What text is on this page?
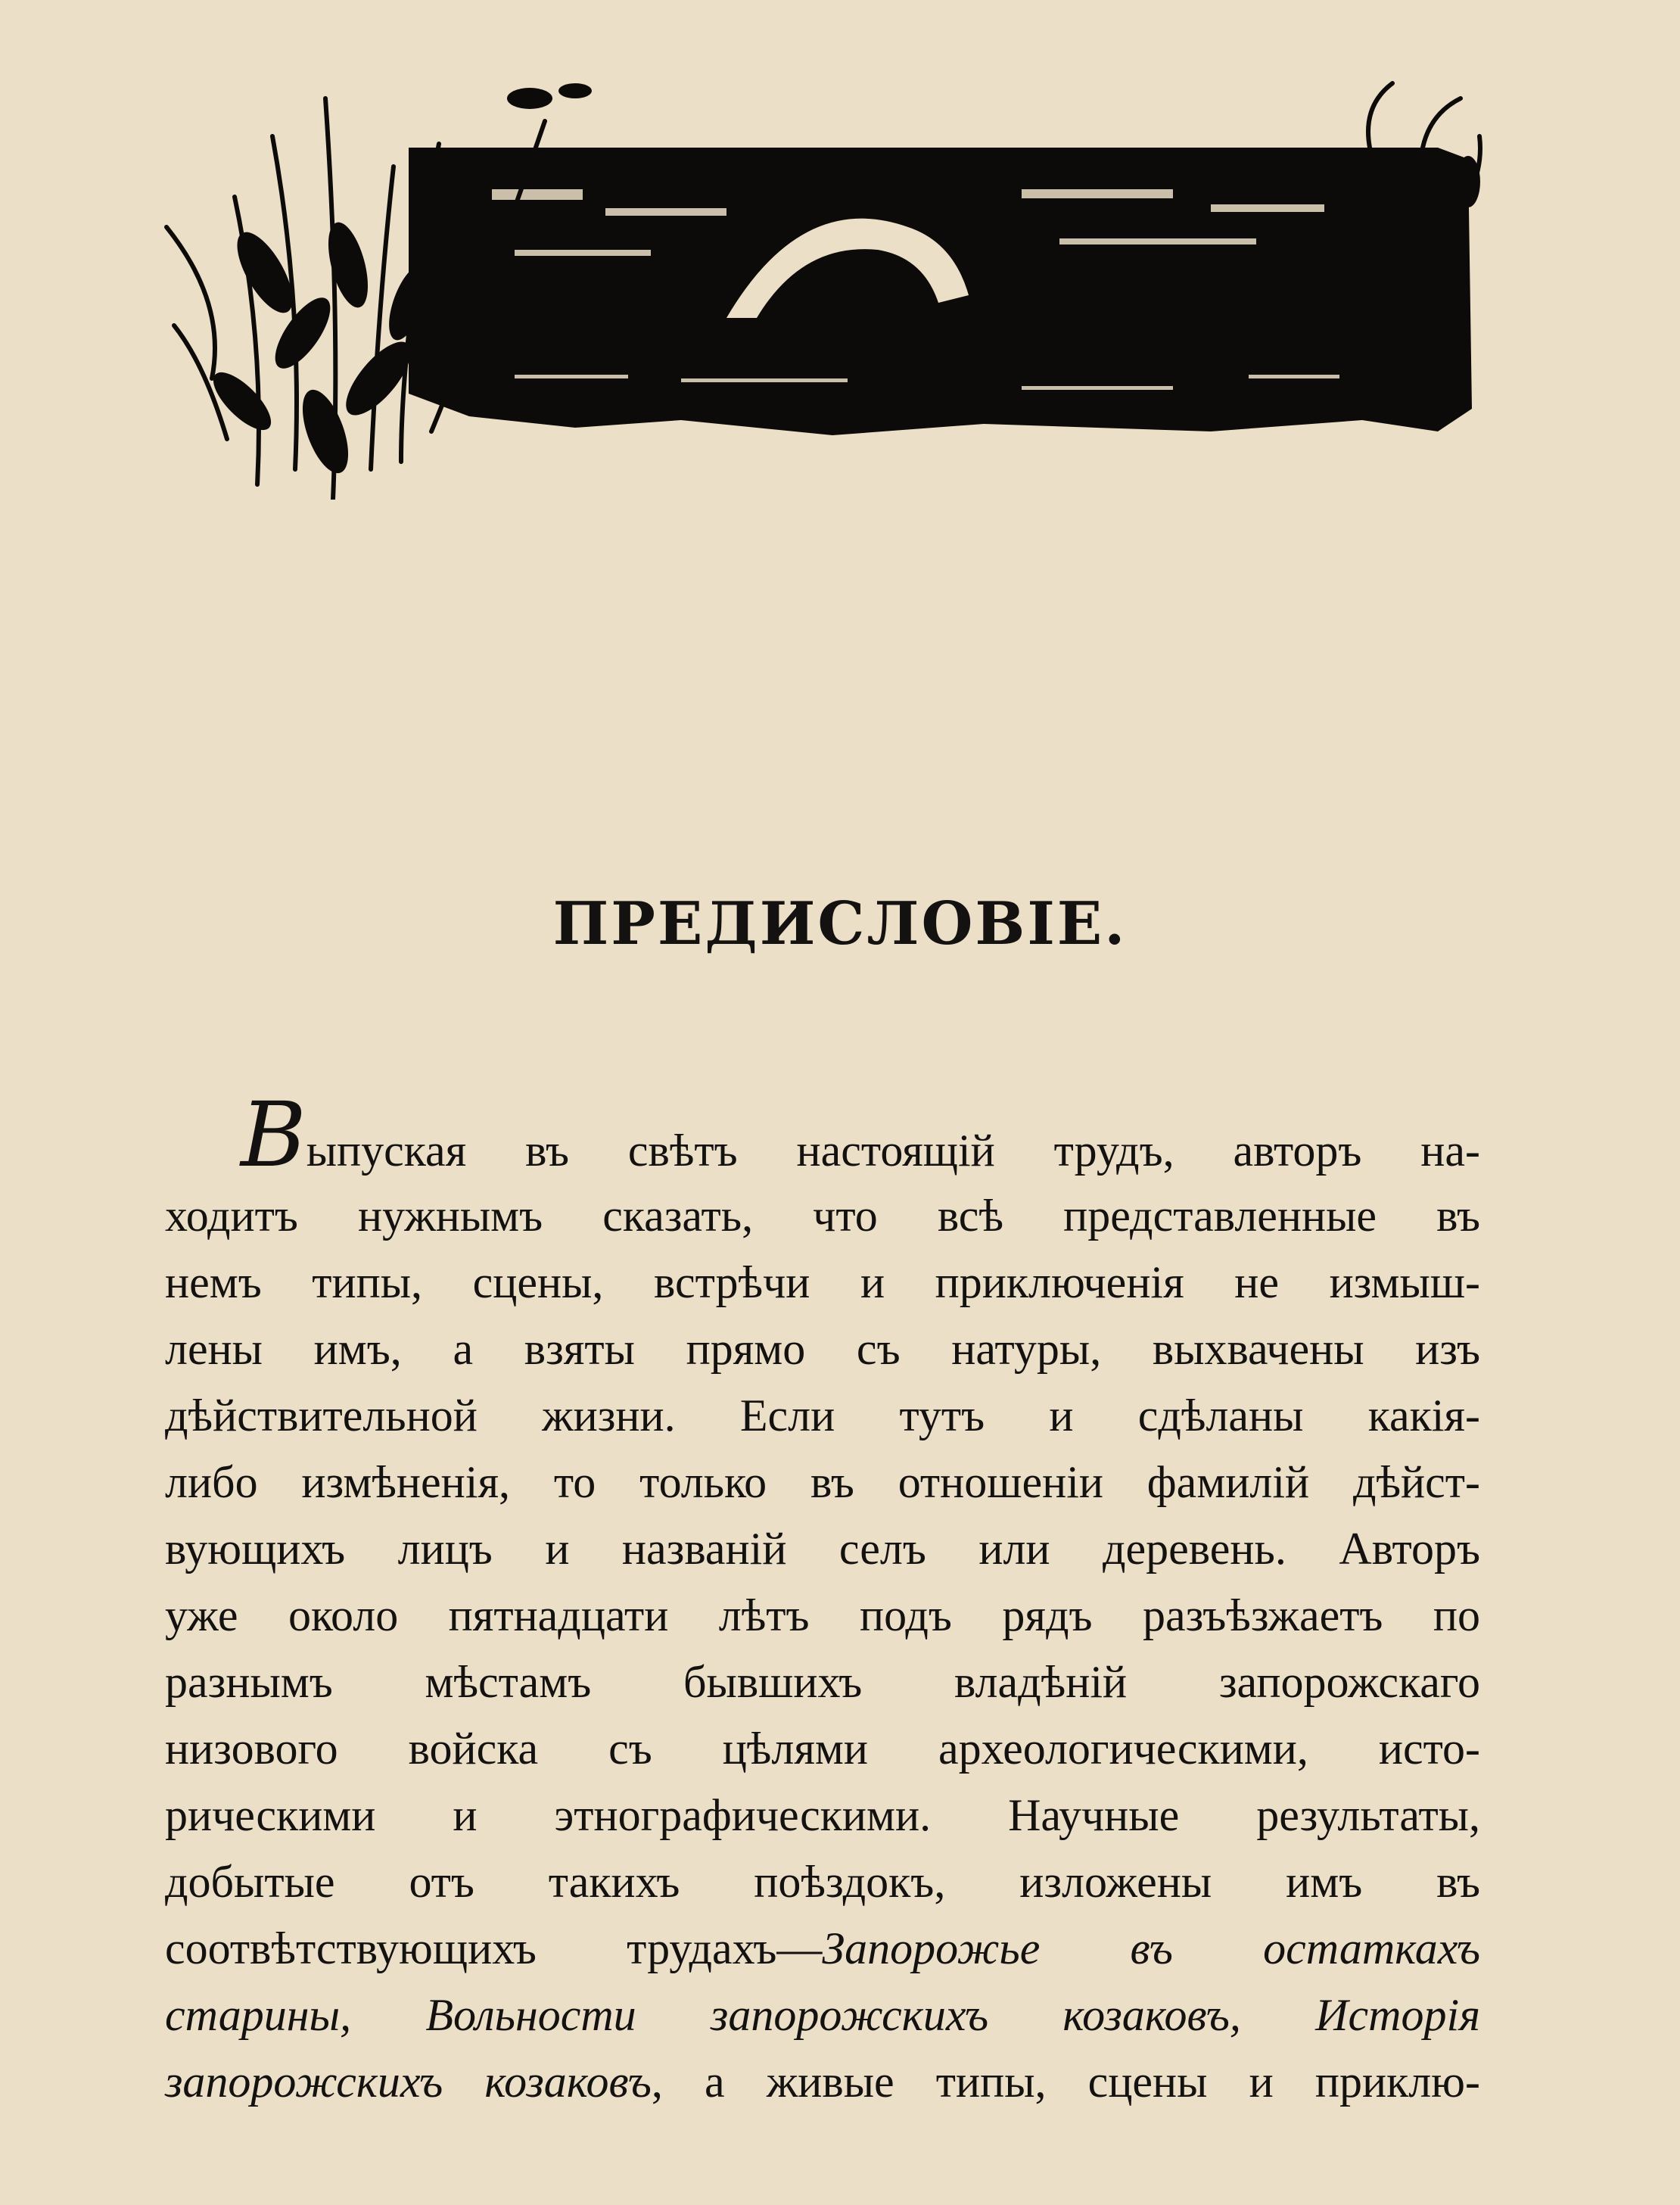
ПРЕДИСЛОВІЕ.
Выпуская въ свѣтъ настоящій трудъ, авторъ на-
ходитъ нужнымъ сказать, что всѣ представленные въ
немъ типы, сцены, встрѣчи и приключенія не измыш-
лены имъ, а взяты прямо съ натуры, выхвачены изъ
дѣйствительной жизни. Если тутъ и сдѣланы какія-
либо измѣненія, то только въ отношеніи фамилій дѣйст-
вующихъ лицъ и названій селъ или деревень. Авторъ
уже около пятнадцати лѣтъ подъ рядъ разъѣзжаетъ по
разнымъ мѣстамъ бывшихъ владѣній запорожскаго
низового войска съ цѣлями археологическими, исто-
рическими и этнографическими. Научные результаты,
добытые отъ такихъ поѣздокъ, изложены имъ въ
соотвѣтствующихъ трудахъ—Запорожье въ остаткахъ
старины, Вольности запорожскихъ козаковъ, Исторія
запорожскихъ козаковъ, а живые типы, сцены и приклю-
